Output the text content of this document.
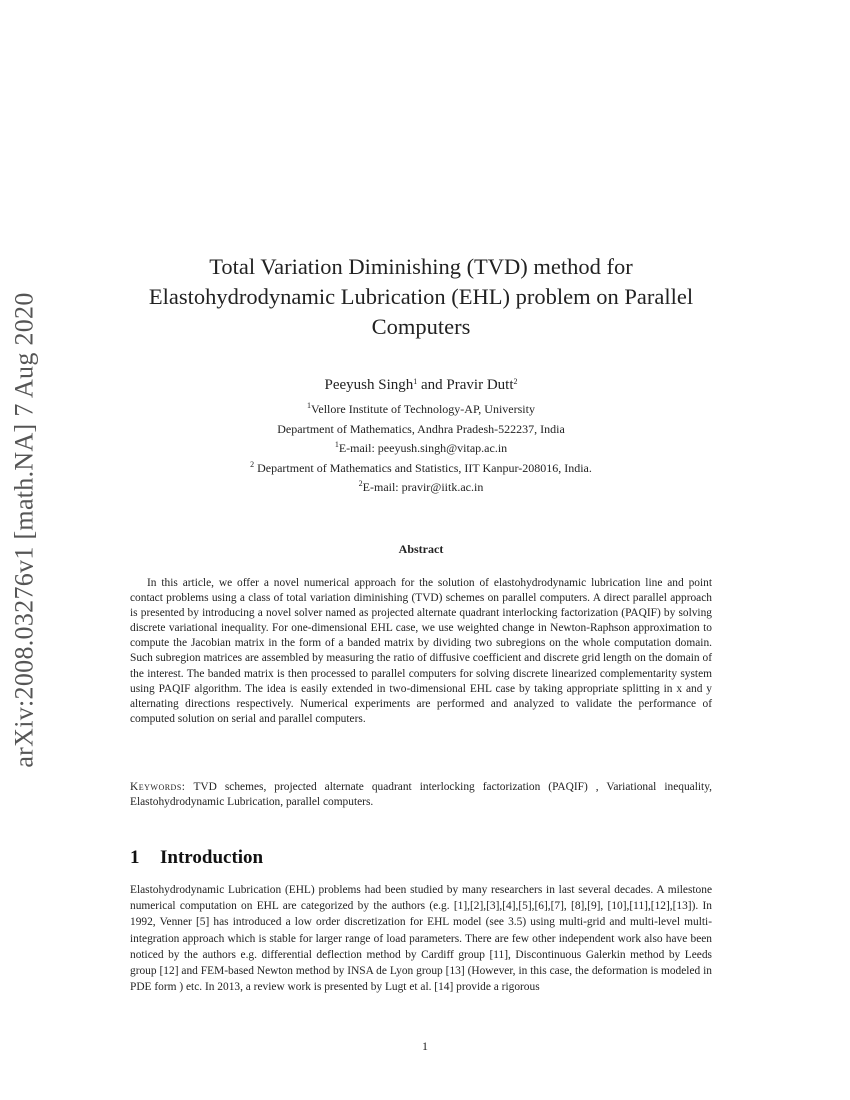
arXiv:2008.03276v1 [math.NA] 7 Aug 2020
Total Variation Diminishing (TVD) method for Elastohydrodynamic Lubrication (EHL) problem on Parallel Computers
Peeyush Singh$^1$ and Pravir Dutt$^2$
$^1$Vellore Institute of Technology-AP, University
Department of Mathematics, Andhra Pradesh-522237, India
$^1$E-mail: peeyush.singh@vitap.ac.in
$^2$ Department of Mathematics and Statistics, IIT Kanpur-208016, India.
$^2$E-mail: pravir@iitk.ac.in
Abstract

In this article, we offer a novel numerical approach for the solution of elastohydrodynamic lubrication line and point contact problems using a class of total variation diminishing (TVD) schemes on parallel computers. A direct parallel approach is presented by introducing a novel solver named as projected alternate quadrant interlocking factorization (PAQIF) by solving discrete variational inequality. For one-dimensional EHL case, we use weighted change in Newton-Raphson approximation to compute the Jacobian matrix in the form of a banded matrix by dividing two subregions on the whole computation domain. Such subregion matrices are assembled by measuring the ratio of diffusive coefficient and discrete grid length on the domain of the interest. The banded matrix is then processed to parallel computers for solving discrete linearized complementarity system using PAQIF algorithm. The idea is easily extended in two-dimensional EHL case by taking appropriate splitting in x and y alternating directions respectively. Numerical experiments are performed and analyzed to validate the performance of computed solution on serial and parallel computers.

Keywords: TVD schemes, projected alternate quadrant interlocking factorization (PAQIF) , Variational inequality, Elastohydrodynamic Lubrication, parallel computers.

1 Introduction

Elastohydrodynamic Lubrication (EHL) problems had been studied by many researchers in last several decades. A milestone numerical computation on EHL are categorized by the authors (e.g. [1],[2],[3],[4],[5],[6],[7], [8],[9], [10],[11],[12],[13]). In 1992, Venner [5] has introduced a low order discretization for EHL model (see 3.5) using multi-grid and multi-level multi-integration approach which is stable for larger range of load parameters. There are few other independent work also have been noticed by the authors e.g. differential deflection method by Cardiff group [11], Discontinuous Galerkin method by Leeds group [12] and FEM-based Newton method by INSA de Lyon group [13] (However, in this case, the deformation is modeled in PDE form ) etc. In 2013, a review work is presented by Lugt et al. [14] provide a rigorous

1
